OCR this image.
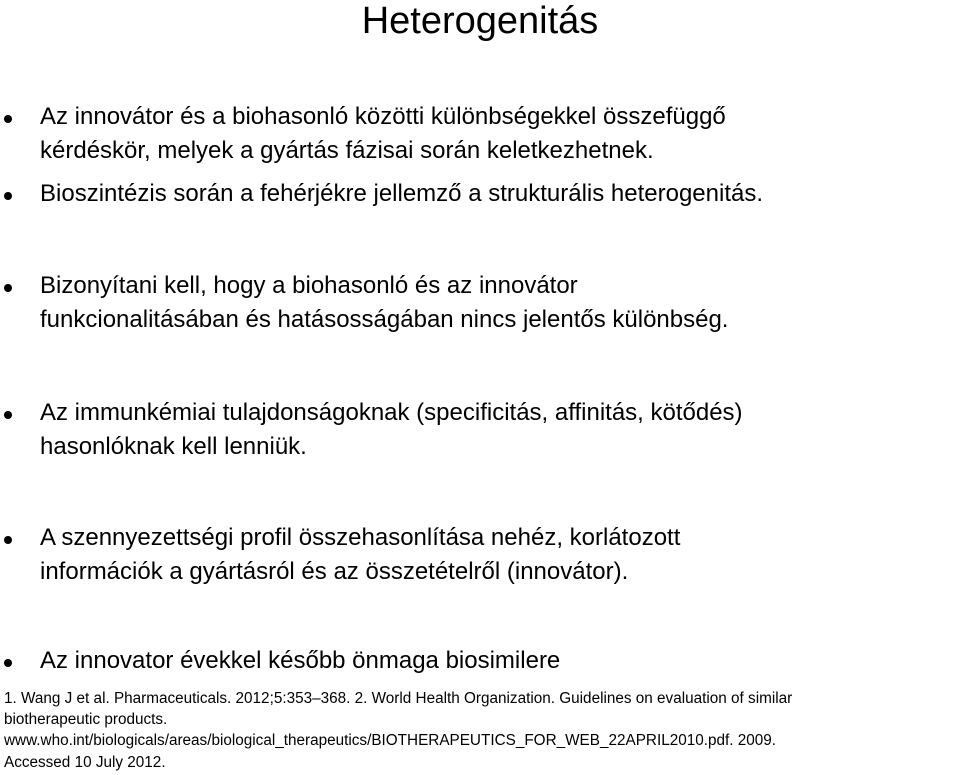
Heterogenitás
Az innovátor és a biohasonló közötti különbségekkel összefüggő
kérdéskör, melyek a gyártás fázisai során keletkezhetnek.
Bioszintézis során a fehérjékre jellemző a strukturális heterogenitás.
Bizonyítani kell, hogy a biohasonló és az innovátor
funkcionalitásában és hatásosságában nincs jelentős különbség.
Az immunkémiai tulajdonságoknak (specificitás, affinitás, kötődés)
hasonlóknak kell lenniük.
A szennyezettségi profil összehasonlítása nehéz, korlátozott
információk a gyártásról és az összetételről (innovátor).
Az innovator évekkel később önmaga biosimilere
1. Wang J et al. Pharmaceuticals. 2012;5:353–368. 2. World Health Organization. Guidelines on evaluation of similar
biotherapeutic products.
www.who.int/biologicals/areas/biological_therapeutics/BIOTHERAPEUTICS_FOR_WEB_22APRIL2010.pdf. 2009.
Accessed 10 July 2012.
